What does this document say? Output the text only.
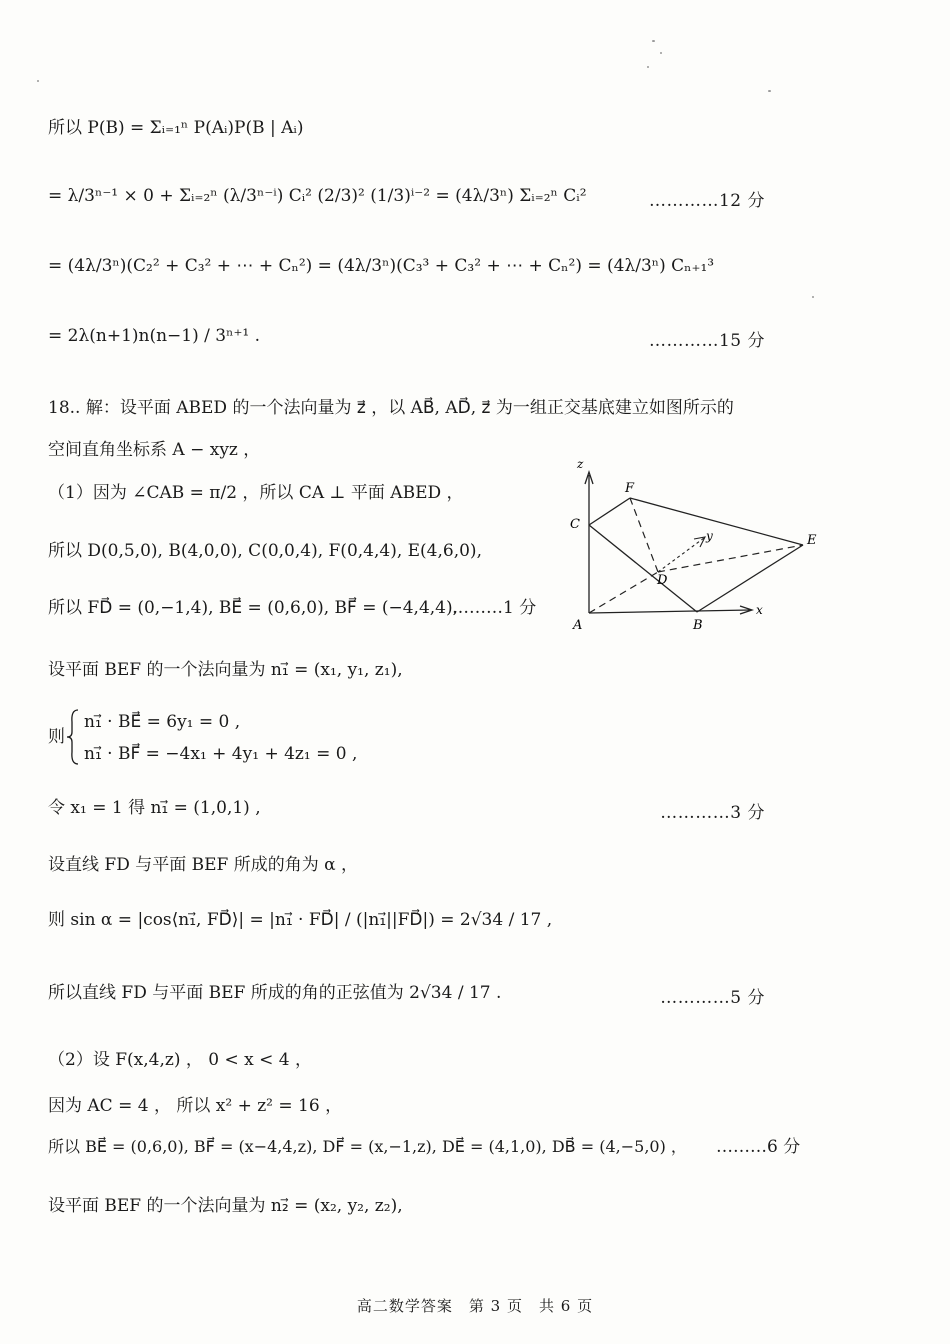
所以 P(B) = Σᵢ₌₁ⁿ P(Aᵢ)P(B | Aᵢ)
= λ/3ⁿ⁻¹ × 0 + Σᵢ₌₂ⁿ (λ/3ⁿ⁻ⁱ) Cᵢ² (2/3)² (1/3)ⁱ⁻² = (4λ/3ⁿ) Σᵢ₌₂ⁿ Cᵢ²	…………12 分
= (4λ/3ⁿ)(C₂² + C₃² + ⋯ + Cₙ²) = (4λ/3ⁿ)(C₃³ + C₃² + ⋯ + Cₙ²) = (4λ/3ⁿ) Cₙ₊₁³
= 2λ(n+1)n(n−1) / 3ⁿ⁺¹ .	…………15 分
18.. 解：设平面 ABED 的一个法向量为 z⃗ ，以 AB⃗, AD⃗, z⃗ 为一组正交基底建立如图所示的
空间直角坐标系 A − xyz ，
（1）因为 ∠CAB = π/2 ，所以 CA ⊥ 平面 ABED ，
所以 D(0,5,0), B(4,0,0), C(0,0,4), F(0,4,4), E(4,6,0),
所以 FD⃗ = (0,−1,4), BE⃗ = (0,6,0), BF⃗ = (−4,4,4),
………1 分
设平面 BEF 的一个法向量为 n₁⃗ = (x₁, y₁, z₁),
则
n₁⃗ · BE⃗ = 6y₁ = 0 ,
n₁⃗ · BF⃗ = −4x₁ + 4y₁ + 4z₁ = 0 ,
令 x₁ = 1 得 n₁⃗ = (1,0,1) ,	…………3 分
设直线 FD 与平面 BEF 所成的角为 α ，
则 sin α = |cos⟨n₁⃗, FD⃗⟩| = |n₁⃗ · FD⃗| / (|n₁⃗||FD⃗|) = 2√34 / 17 ,
所以直线 FD 与平面 BEF 所成的角的正弦值为 2√34 / 17 .	…………5 分
（2）设 F(x,4,z) ， 0 < x < 4 ，
因为 AC = 4 ， 所以 x² + z² = 16 ，
所以 BE⃗ = (0,6,0), BF⃗ = (x−4,4,z), DF⃗ = (x,−1,z), DE⃗ = (4,1,0), DB⃗ = (4,−5,0) ， ………6 分
设平面 BEF 的一个法向量为 n₂⃗ = (x₂, y₂, z₂),
z
F
C
y	E
D
A	B
x
高二数学答案　第 3 页　共 6 页
